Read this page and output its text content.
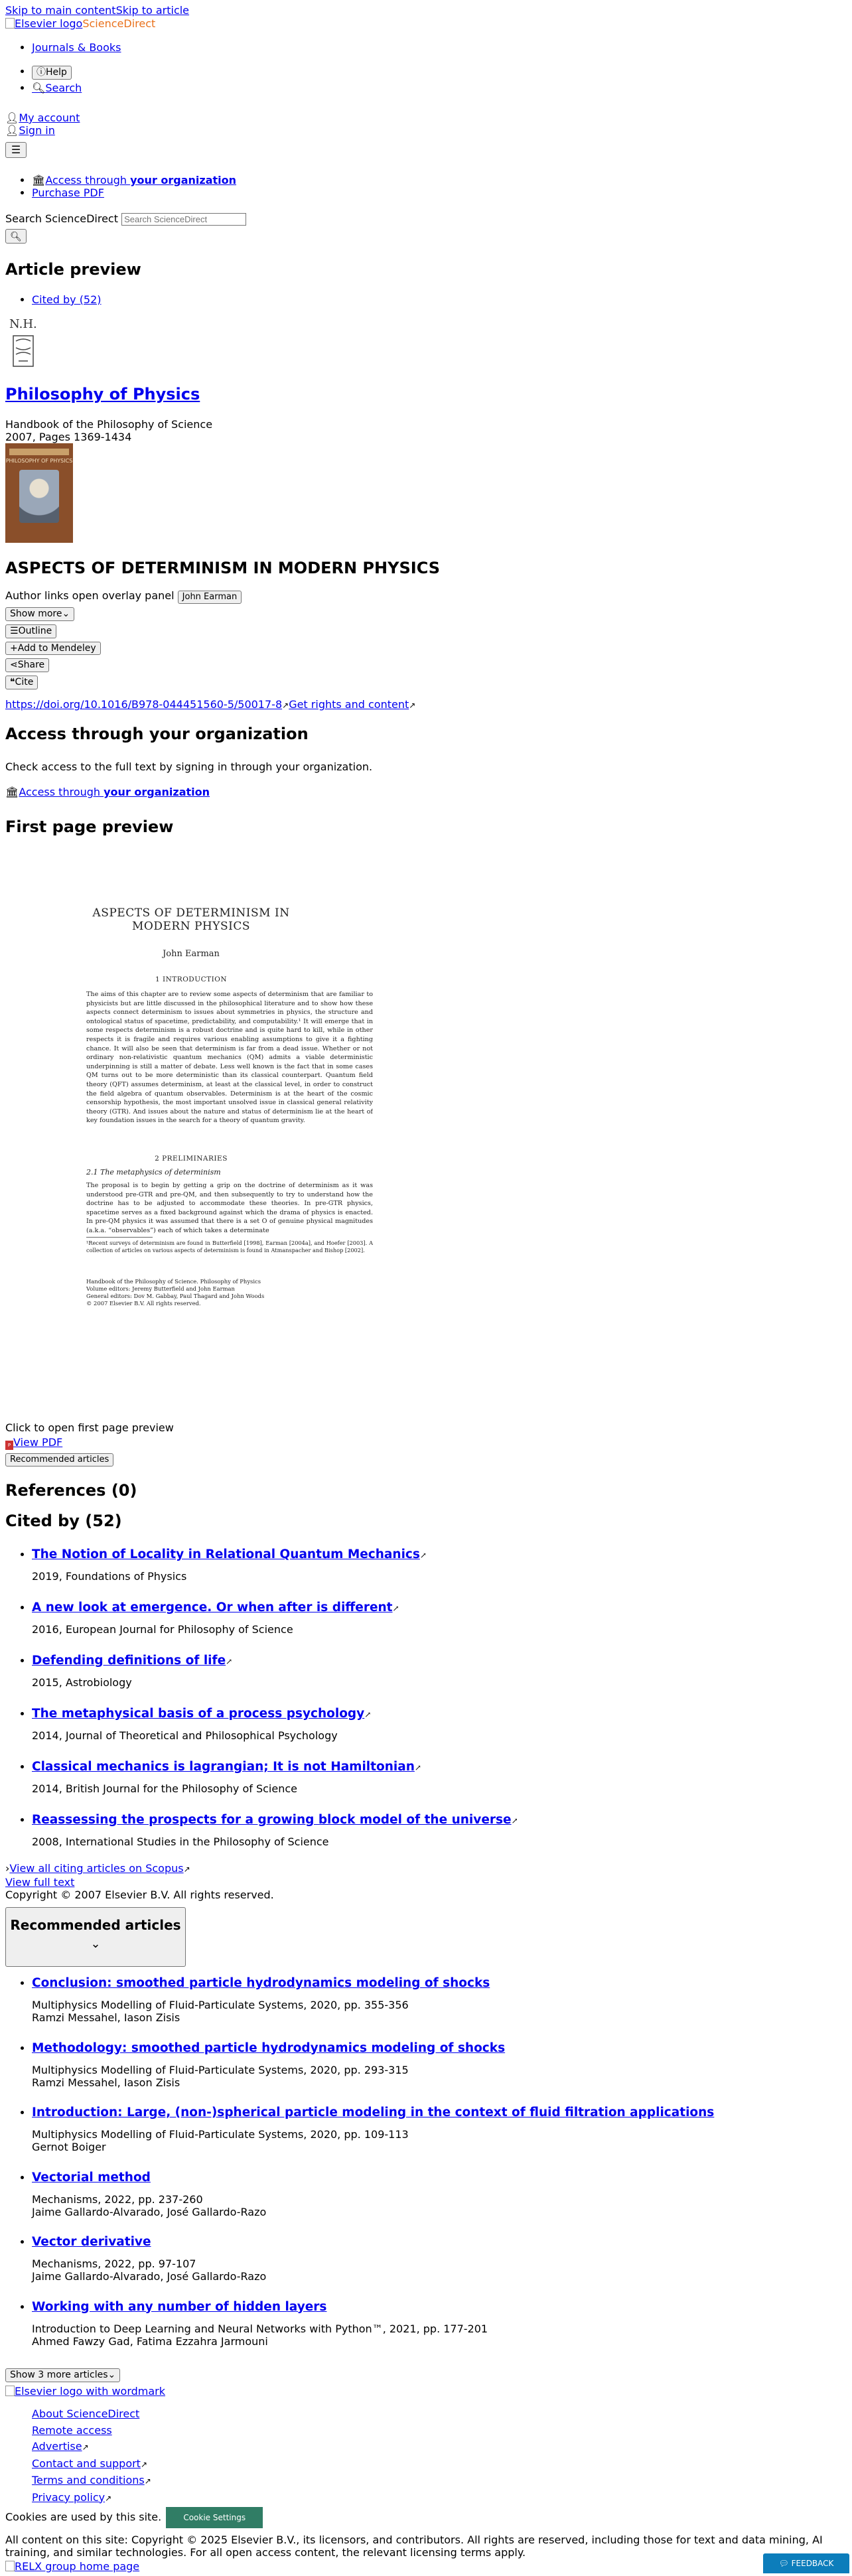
Skip to main contentSkip to article
Elsevier logoScienceDirect
• Journals & Books
• ⓘHelp
• 🔍︎Search
👤︎My account
👤︎Sign in
☰
• 🏛︎Access through your organization
• Purchase PDF
Search ScienceDirect Search ScienceDirect
🔍︎
Article preview
• Cited by (52)
N.H.
Philosophy of Physics
Handbook of the Philosophy of Science
2007, Pages 1369-1434
PHILOSOPHY OF PHYSICS
ASPECTS OF DETERMINISM IN MODERN PHYSICS
Author links open overlay panel John Earman
Show more⌄
☰Outline
+Add to Mendeley
⋖Share
❝Cite
https://doi.org/10.1016/B978-044451560-5/50017-8↗Get rights and content↗
Access through your organization
Check access to the full text by signing in through your organization.
🏛︎Access through your organization
First page preview
ASPECTS OF DETERMINISM IN
MODERN PHYSICS
John Earman
1 INTRODUCTION
The aims of this chapter are to review some aspects of determinism that are familiar to physicists but are little discussed in the philosophical literature and to show how these aspects connect determinism to issues about symmetries in physics, the structure and ontological status of spacetime, predictability, and computability.¹ It will emerge that in some respects determinism is a robust doctrine and is quite hard to kill, while in other respects it is fragile and requires various enabling assumptions to give it a fighting chance. It will also be seen that determinism is far from a dead issue. Whether or not ordinary non-relativistic quantum mechanics (QM) admits a viable deterministic underpinning is still a matter of debate. Less well known is the fact that in some cases QM turns out to be more deterministic than its classical counterpart. Quantum field theory (QFT) assumes determinism, at least at the classical level, in order to construct the field algebra of quantum observables. Determinism is at the heart of the cosmic censorship hypothesis, the most important unsolved issue in classical general relativity theory (GTR). And issues about the nature and status of determinism lie at the heart of key foundation issues in the search for a theory of quantum gravity.
2 PRELIMINARIES
2.1 The metaphysics of determinism
The proposal is to begin by getting a grip on the doctrine of determinism as it was understood pre-GTR and pre-QM, and then subsequently to try to understand how the doctrine has to be adjusted to accommodate these theories. In pre-GTR physics, spacetime serves as a fixed background against which the drama of physics is enacted. In pre-QM physics it was assumed that there is a set O of genuine physical magnitudes (a.k.a. “observables”) each of which takes a determinate
¹Recent surveys of determinism are found in Butterfield [1998], Earman [2004a], and Hoefer [2003]. A collection of articles on various aspects of determinism is found in Atmanspacher and Bishop [2002].
Handbook of the Philosophy of Science. Philosophy of Physics
Volume editors: Jeremy Butterfield and John Earman
General editors: Dov M. Gabbay, Paul Thagard and John Woods
© 2007 Elsevier B.V. All rights reserved.
Click to open first page preview
P View PDF
Recommended articles
References (0)
Cited by (52)
• The Notion of Locality in Relational Quantum Mechanics↗
2019, Foundations of Physics
• A new look at emergence. Or when after is different↗
2016, European Journal for Philosophy of Science
• Defending definitions of life↗
2015, Astrobiology
• The metaphysical basis of a process psychology↗
2014, Journal of Theoretical and Philosophical Psychology
• Classical mechanics is lagrangian; It is not Hamiltonian↗
2014, British Journal for the Philosophy of Science
• Reassessing the prospects for a growing block model of the universe↗
2008, International Studies in the Philosophy of Science
›View all citing articles on Scopus↗
View full text
Copyright © 2007 Elsevier B.V. All rights reserved.
Recommended articles
⌄
• Conclusion: smoothed particle hydrodynamics modeling of shocks
Multiphysics Modelling of Fluid-Particulate Systems, 2020, pp. 355-356
Ramzi Messahel, Iason Zisis
• Methodology: smoothed particle hydrodynamics modeling of shocks
Multiphysics Modelling of Fluid-Particulate Systems, 2020, pp. 293-315
Ramzi Messahel, Iason Zisis
• Introduction: Large, (non-)spherical particle modeling in the context of fluid filtration applications
Multiphysics Modelling of Fluid-Particulate Systems, 2020, pp. 109-113
Gernot Boiger
• Vectorial method
Mechanisms, 2022, pp. 237-260
Jaime Gallardo-Alvarado, José Gallardo-Razo
• Vector derivative
Mechanisms, 2022, pp. 97-107
Jaime Gallardo-Alvarado, José Gallardo-Razo
• Working with any number of hidden layers
Introduction to Deep Learning and Neural Networks with Python™, 2021, pp. 177-201
Ahmed Fawzy Gad, Fatima Ezzahra Jarmouni
Show 3 more articles⌄
Elsevier logo with wordmark
About ScienceDirect
Remote access
Advertise↗
Contact and support↗
Terms and conditions↗
Privacy policy↗
Cookies are used by this site.	Cookie Settings
All content on this site: Copyright © 2025 Elsevier B.V., its licensors, and contributors. All rights are reserved, including those for text and data mining, AI training, and similar technologies. For all open access content, the relevant licensing terms apply.
RELX group home page	💬︎ FEEDBACK
